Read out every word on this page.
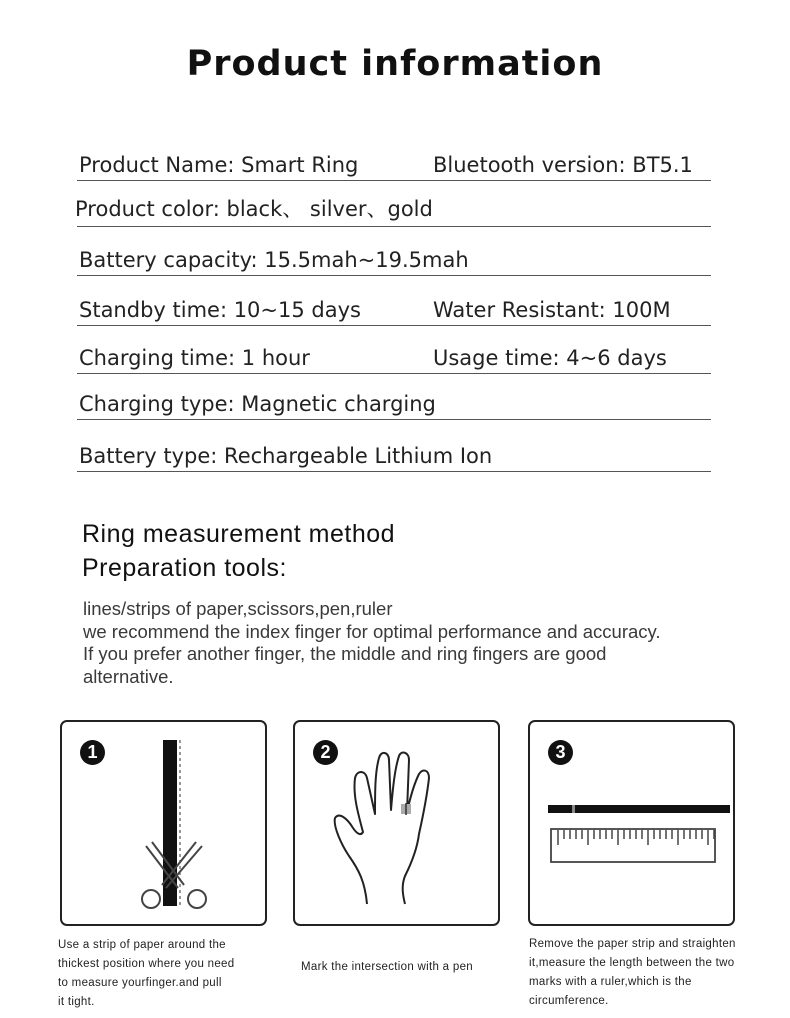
Product information
Product Name: Smart Ring	Bluetooth version: BT5.1
Product color: black、 silver、gold
Battery capacity: 15.5mah~19.5mah
Standby time: 10~15 days	Water Resistant: 100M
Charging time: 1 hour	Usage time: 4~6 days
Charging type: Magnetic charging
Battery type: Rechargeable Lithium Ion
Ring measurement method
Preparation tools:
lines/strips of paper,scissors,pen,ruler
we recommend the index finger for optimal performance and accuracy.
If you prefer another finger, the middle and ring fingers are good
alternative.
1	2	3
Use a strip of paper around the
thickest position where you need
to measure yourfinger.and pull
it tight.
Mark the intersection with a pen
Remove the paper strip and straighten
it,measure the length between the two
marks with a ruler,which is the
circumference.
